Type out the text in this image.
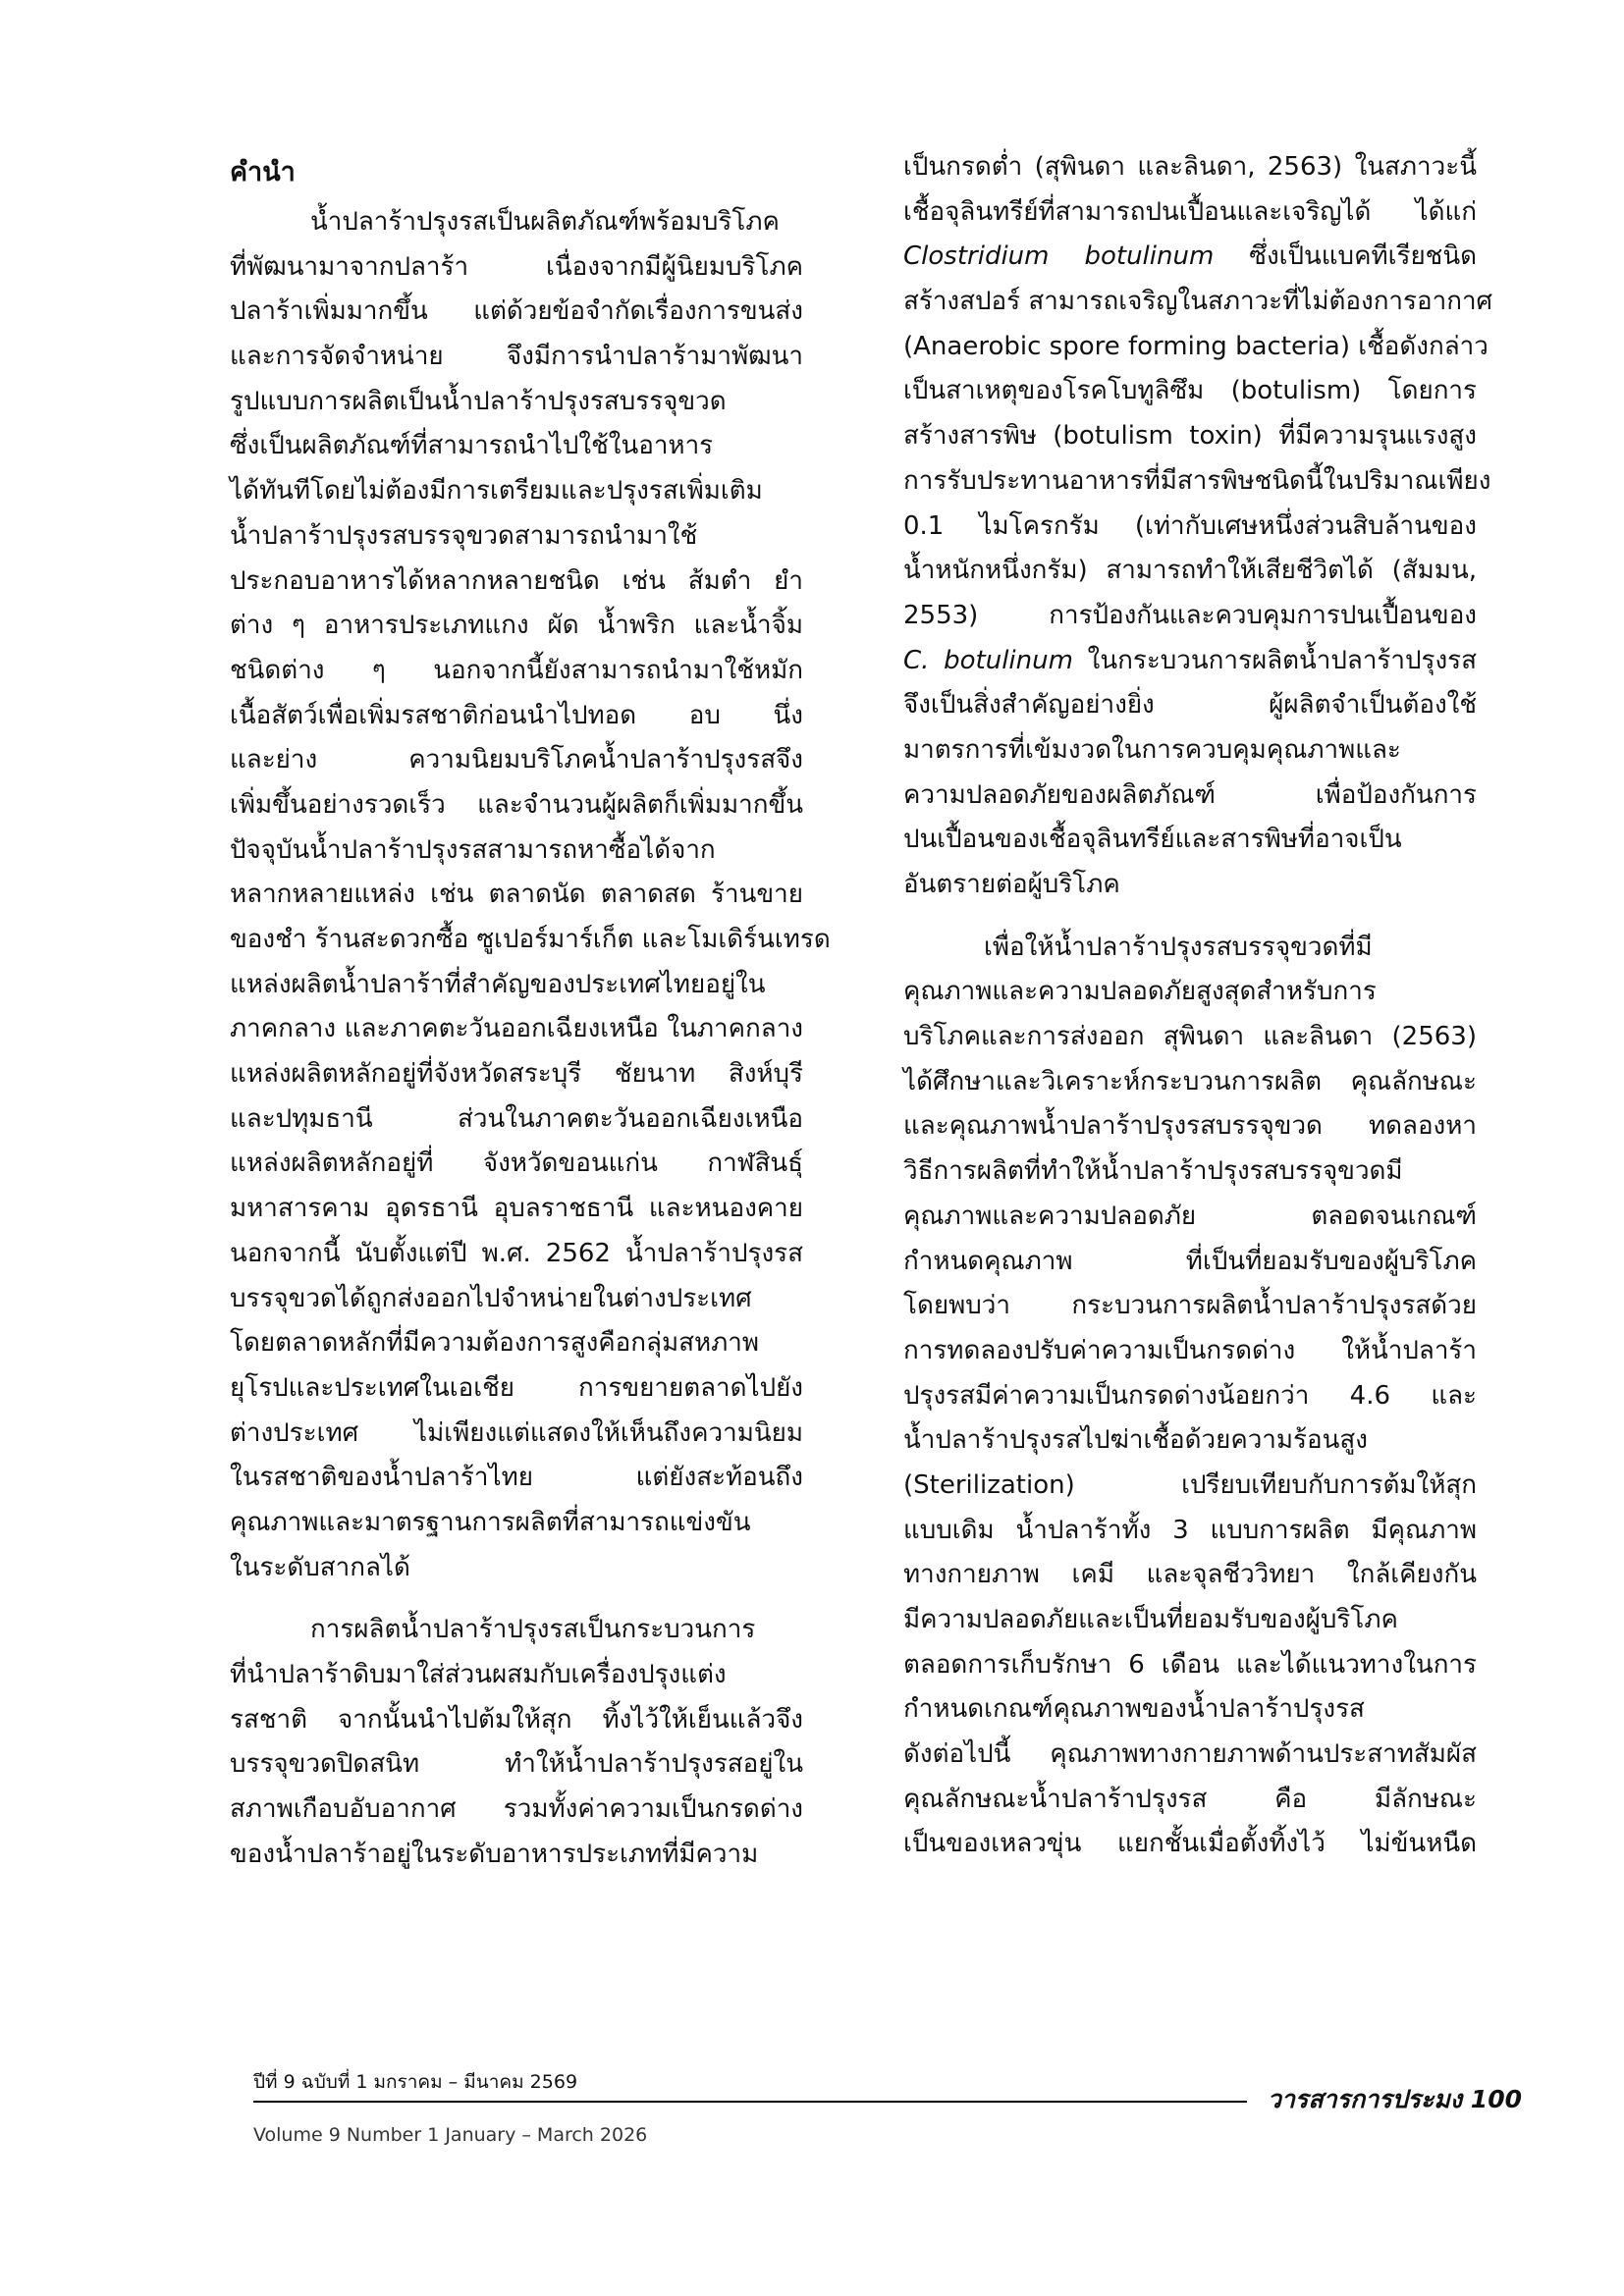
คำนำ
น้ำปลาร้าปรุงรสเป็นผลิตภัณฑ์พร้อมบริโภค
ที่พัฒนามาจากปลาร้า เนื่องจากมีผู้นิยมบริโภค
ปลาร้าเพิ่มมากขึ้น แต่ด้วยข้อจำกัดเรื่องการขนส่ง
และการจัดจำหน่าย จึงมีการนำปลาร้ามาพัฒนา
รูปแบบการผลิตเป็นน้ำปลาร้าปรุงรสบรรจุขวด
ซึ่งเป็นผลิตภัณฑ์ที่สามารถนำไปใช้ในอาหาร
ได้ทันทีโดยไม่ต้องมีการเตรียมและปรุงรสเพิ่มเติม
น้ำปลาร้าปรุงรสบรรจุขวดสามารถนำมาใช้
ประกอบอาหารได้หลากหลายชนิด เช่น ส้มตำ ยำ
ต่าง ๆ อาหารประเภทแกง ผัด น้ำพริก และน้ำจิ้ม
ชนิดต่าง ๆ นอกจากนี้ยังสามารถนำมาใช้หมัก
เนื้อสัตว์เพื่อเพิ่มรสชาติก่อนนำไปทอด อบ นึ่ง
และย่าง ความนิยมบริโภคน้ำปลาร้าปรุงรสจึง
เพิ่มขึ้นอย่างรวดเร็ว และจำนวนผู้ผลิตก็เพิ่มมากขึ้น
ปัจจุบันน้ำปลาร้าปรุงรสสามารถหาซื้อได้จาก
หลากหลายแหล่ง เช่น ตลาดนัด ตลาดสด ร้านขาย
ของชำ ร้านสะดวกซื้อ ซูเปอร์มาร์เก็ต และโมเดิร์นเทรด
แหล่งผลิตน้ำปลาร้าที่สำคัญของประเทศไทยอยู่ใน
ภาคกลาง และภาคตะวันออกเฉียงเหนือ ในภาคกลาง
แหล่งผลิตหลักอยู่ที่จังหวัดสระบุรี ชัยนาท สิงห์บุรี
และปทุมธานี ส่วนในภาคตะวันออกเฉียงเหนือ
แหล่งผลิตหลักอยู่ที่ จังหวัดขอนแก่น กาฬสินธุ์
มหาสารคาม อุดรธานี อุบลราชธานี และหนองคาย
นอกจากนี้ นับตั้งแต่ปี พ.ศ. 2562 น้ำปลาร้าปรุงรส
บรรจุขวดได้ถูกส่งออกไปจำหน่ายในต่างประเทศ
โดยตลาดหลักที่มีความต้องการสูงคือกลุ่มสหภาพ
ยุโรปและประเทศในเอเชีย การขยายตลาดไปยัง
ต่างประเทศ ไม่เพียงแต่แสดงให้เห็นถึงความนิยม
ในรสชาติของน้ำปลาร้าไทย แต่ยังสะท้อนถึง
คุณภาพและมาตรฐานการผลิตที่สามารถแข่งขัน
ในระดับสากลได้
การผลิตน้ำปลาร้าปรุงรสเป็นกระบวนการ
ที่นำปลาร้าดิบมาใส่ส่วนผสมกับเครื่องปรุงแต่ง
รสชาติ จากนั้นนำไปต้มให้สุก ทิ้งไว้ให้เย็นแล้วจึง
บรรจุขวดปิดสนิท ทำให้น้ำปลาร้าปรุงรสอยู่ใน
สภาพเกือบอับอากาศ รวมทั้งค่าความเป็นกรดด่าง
ของน้ำปลาร้าอยู่ในระดับอาหารประเภทที่มีความ
เป็นกรดต่ำ (สุพินดา และลินดา, 2563) ในสภาวะนี้
เชื้อจุลินทรีย์ที่สามารถปนเปื้อนและเจริญได้ ได้แก่
Clostridium botulinum ซึ่งเป็นแบคทีเรียชนิด
สร้างสปอร์ สามารถเจริญในสภาวะที่ไม่ต้องการอากาศ
(Anaerobic spore forming bacteria) เชื้อดังกล่าว
เป็นสาเหตุของโรคโบทูลิซึม (botulism) โดยการ
สร้างสารพิษ (botulism toxin) ที่มีความรุนแรงสูง
การรับประทานอาหารที่มีสารพิษชนิดนี้ในปริมาณเพียง
0.1 ไมโครกรัม (เท่ากับเศษหนึ่งส่วนสิบล้านของ
น้ำหนักหนึ่งกรัม) สามารถทำให้เสียชีวิตได้ (สัมมน,
2553) การป้องกันและควบคุมการปนเปื้อนของ
C. botulinum ในกระบวนการผลิตน้ำปลาร้าปรุงรส
จึงเป็นสิ่งสำคัญอย่างยิ่ง ผู้ผลิตจำเป็นต้องใช้
มาตรการที่เข้มงวดในการควบคุมคุณภาพและ
ความปลอดภัยของผลิตภัณฑ์ เพื่อป้องกันการ
ปนเปื้อนของเชื้อจุลินทรีย์และสารพิษที่อาจเป็น
อันตรายต่อผู้บริโภค
เพื่อให้น้ำปลาร้าปรุงรสบรรจุขวดที่มี
คุณภาพและความปลอดภัยสูงสุดสำหรับการ
บริโภคและการส่งออก สุพินดา และลินดา (2563)
ได้ศึกษาและวิเคราะห์กระบวนการผลิต คุณลักษณะ
และคุณภาพน้ำปลาร้าปรุงรสบรรจุขวด ทดลองหา
วิธีการผลิตที่ทำให้น้ำปลาร้าปรุงรสบรรจุขวดมี
คุณภาพและความปลอดภัย ตลอดจนเกณฑ์
กำหนดคุณภาพ ที่เป็นที่ยอมรับของผู้บริโภค
โดยพบว่า กระบวนการผลิตน้ำปลาร้าปรุงรสด้วย
การทดลองปรับค่าความเป็นกรดด่าง ให้น้ำปลาร้า
ปรุงรสมีค่าความเป็นกรดด่างน้อยกว่า 4.6 และ
น้ำปลาร้าปรุงรสไปฆ่าเชื้อด้วยความร้อนสูง
(Sterilization) เปรียบเทียบกับการต้มให้สุก
แบบเดิม น้ำปลาร้าทั้ง 3 แบบการผลิต มีคุณภาพ
ทางกายภาพ เคมี และจุลชีววิทยา ใกล้เคียงกัน
มีความปลอดภัยและเป็นที่ยอมรับของผู้บริโภค
ตลอดการเก็บรักษา 6 เดือน และได้แนวทางในการ
กำหนดเกณฑ์คุณภาพของน้ำปลาร้าปรุงรส
ดังต่อไปนี้ คุณภาพทางกายภาพด้านประสาทสัมผัส
คุณลักษณะน้ำปลาร้าปรุงรส คือ มีลักษณะ
เป็นของเหลวขุ่น แยกชั้นเมื่อตั้งทิ้งไว้ ไม่ข้นหนืด
ปีที่ 9 ฉบับที่ 1 มกราคม – มีนาคม 2569
วารสารการประมง 100
Volume 9 Number 1 January – March 2026
